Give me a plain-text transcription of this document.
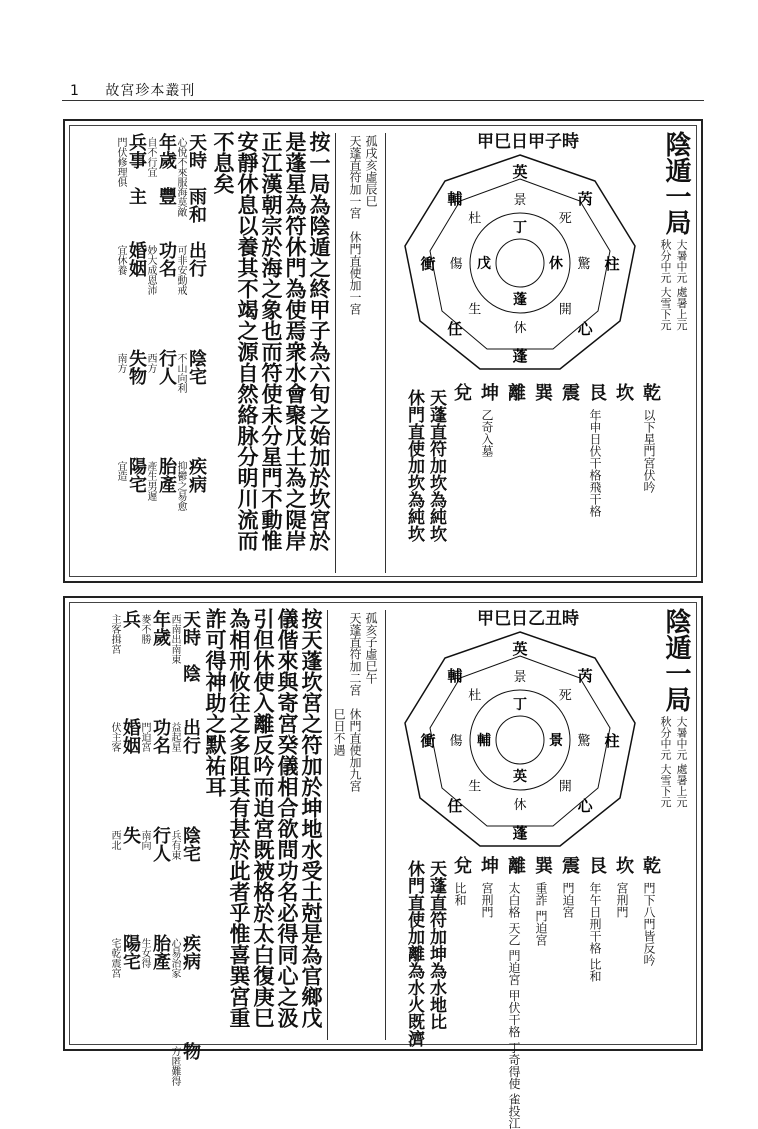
1 故宮珍本叢刊
陰遁一局
大暑中元 處暑上元
秋分中元 大雪下元
甲巳日甲子時
蓬
任
衝
輔
英
芮
柱
心
休
生
傷
杜
景
死
驚
開
丁
休
蓬
戊
乾
以下星門宮伏吟
坎
艮
年申日伏干格飛干格
震
巽
離
坤
乙奇入墓
兌
天蓬直符加坎為純坎
休門直使加坎為純坎
孤戌亥虛辰巳
天蓬直符加一宮　休門直使加一宮
按一局為陰遁之終甲子為六旬之始加於坎宮於
是蓬星為符休門為使焉衆水會聚戊土為之隄岸
正江漢朝宗於海之象也而符使未分星門不動惟
安靜休息以養其不竭之源自然絡脉分明川流而
不息矣
天時　雨和
心悅不來服海莫敵
年歲　豐
自不行宜
兵事　主
門伏修理俱
出行
可非安動戒
功名
妙大成恩沛
婚姻
宜休養
陰宅
不山向利
行人
西方
失物
南方
疾病
抑鬱之易愈
胎產
產生男遲
陽宅
宜造
陰遁一局
大暑中元 處暑上元
秋分中元 大雪下元
甲巳日乙丑時
蓬
任
衝
輔
英
芮
柱
心
休
生
傷
杜
景
死
驚
開
丁
景
英
輔
乾
門下八門皆反吟
坎
宮刑門
艮
年午日刑干格 比和
震
門迫宮
巽
重詐 門迫宮
離
太白格 天乙 門迫宮 甲伏干格 丁奇得使 雀投江
坤
宮刑門
兌
比和
天蓬直符加坤為水地比
休門直使加離為水火既濟
孤亥子虛巳午
天蓬直符加二宮　休門直使加九宮
巳日不遇
按天蓬坎宮之符加於坤地水受土尅是為官鄉戊
儀偕來與寄宮癸儀相合欲問功名必得同心之汲
引但休使入離反吟而迫宮既被格於太白復庚巳
為相刑攸往之多阻其有甚於此者乎惟喜巽宮重
詐可得神助之默祐耳
天時　陰
西南出南東
年歲
麥不勝
兵
主客揖宮
出行
益起星
功名
門迫宮
婚姻
伏主客
陰宅
兵有東
行人
南向
失
西北
疾病
心易治家
胎產
生女得
陽宅
宅乾震宮
物
方匿難得
